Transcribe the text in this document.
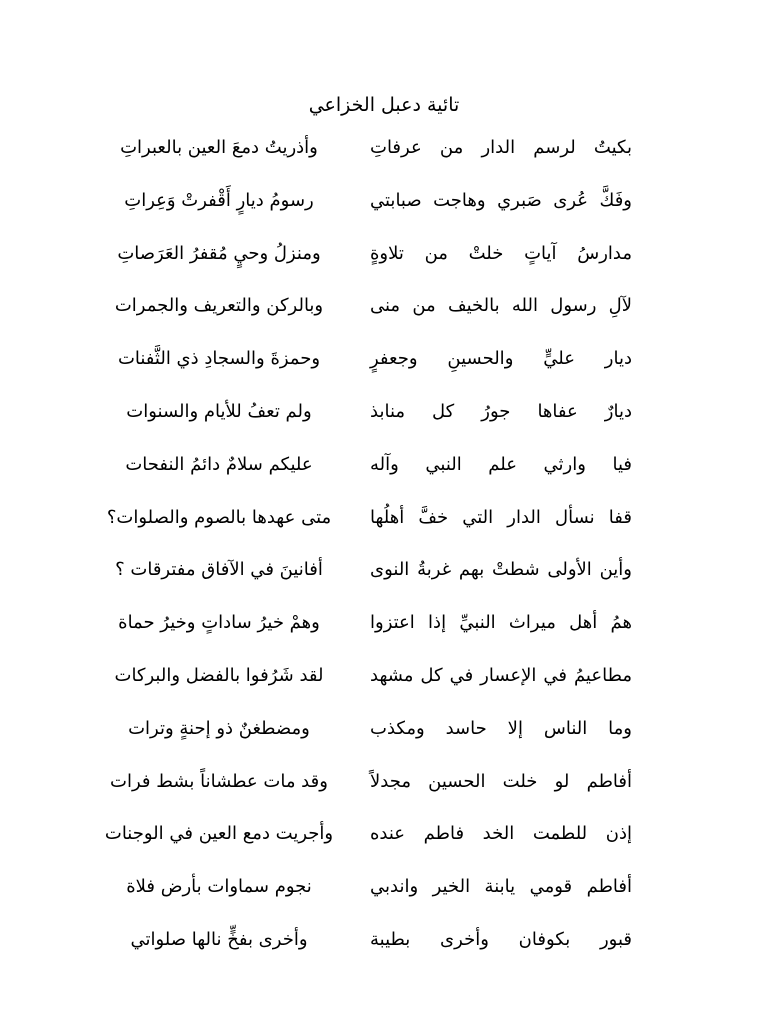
تائية دعبل الخزاعي
بكيتُ لرسم الدار من عرفاتِ
وأذريتُ دمعَ العين بالعبراتِ
وفَكَّ عُرى صَبري وهاجت صبابتي
رسومُ ديارٍ أَقْفرتْ وَعِراتِ
مدارسُ آياتٍ خلتْ من تلاوةٍ
ومنزلُ وحيٍ مُقفرُ العَرَصاتِ
لآلِ رسول الله بالخيف من منى
وبالركن والتعريف والجمرات
ديار عليٍّ والحسينِ وجعفرٍ
وحمزةَ والسجادِ ذي الثَّفنات
ديارٌ عفاها جورُ كل منابذ
ولم تعفُ للأيام والسنوات
فيا وارثي علم النبي وآله
عليكم سلامٌ دائمُ النفحات
قفا نسأل الدار التي خفَّ أهلُها
متى عهدها بالصوم والصلوات؟
وأين الأولى شطتْ بهم غربةُ النوى
أفانينَ في الآفاق مفترقات ؟
همُ أهل ميراث النبيِّ إذا اعتزوا
وهمْ خيرُ ساداتٍ وخيرُ حماة
مطاعيمُ في الإعسار في كل مشهد
لقد شَرُفوا بالفضل والبركات
وما الناس إلا حاسد ومكذب
ومضطغنٌ ذو إحنةٍ وترات
أفاطم لو خلت الحسين مجدلاً
وقد مات عطشاناً بشط فرات
إذن للطمت الخد فاطم عنده
وأجريت دمع العين في الوجنات
أفاطم قومي يابنة الخير واندبي
نجوم سماوات بأرض فلاة
قبور بكوفان وأخرى بطيبة
وأخرى بفخٍّ نالها صلواتي
